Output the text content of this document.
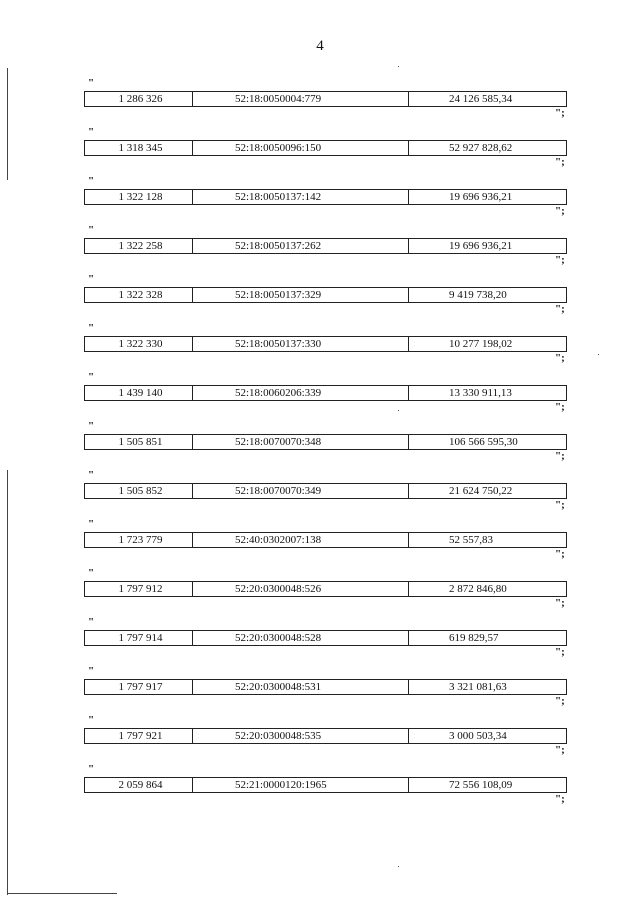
4
"
1 286 326	52:18:0050004:779	24 126 585,34
";
"
1 318 345	52:18:0050096:150	52 927 828,62
";
"
1 322 128	52:18:0050137:142	19 696 936,21
";
"
1 322 258	52:18:0050137:262	19 696 936,21
";
"
1 322 328	52:18:0050137:329	9 419 738,20
";
"
1 322 330	52:18:0050137:330	10 277 198,02
";
"
1 439 140	52:18:0060206:339	13 330 911,13
";
"
1 505 851	52:18:0070070:348	106 566 595,30
";
"
1 505 852	52:18:0070070:349	21 624 750,22
";
"
1 723 779	52:40:0302007:138	52 557,83
";
"
1 797 912	52:20:0300048:526	2 872 846,80
";
"
1 797 914	52:20:0300048:528	619 829,57
";
"
1 797 917	52:20:0300048:531	3 321 081,63
";
"
1 797 921	52:20:0300048:535	3 000 503,34
";
"
2 059 864	52:21:0000120:1965	72 556 108,09
";
